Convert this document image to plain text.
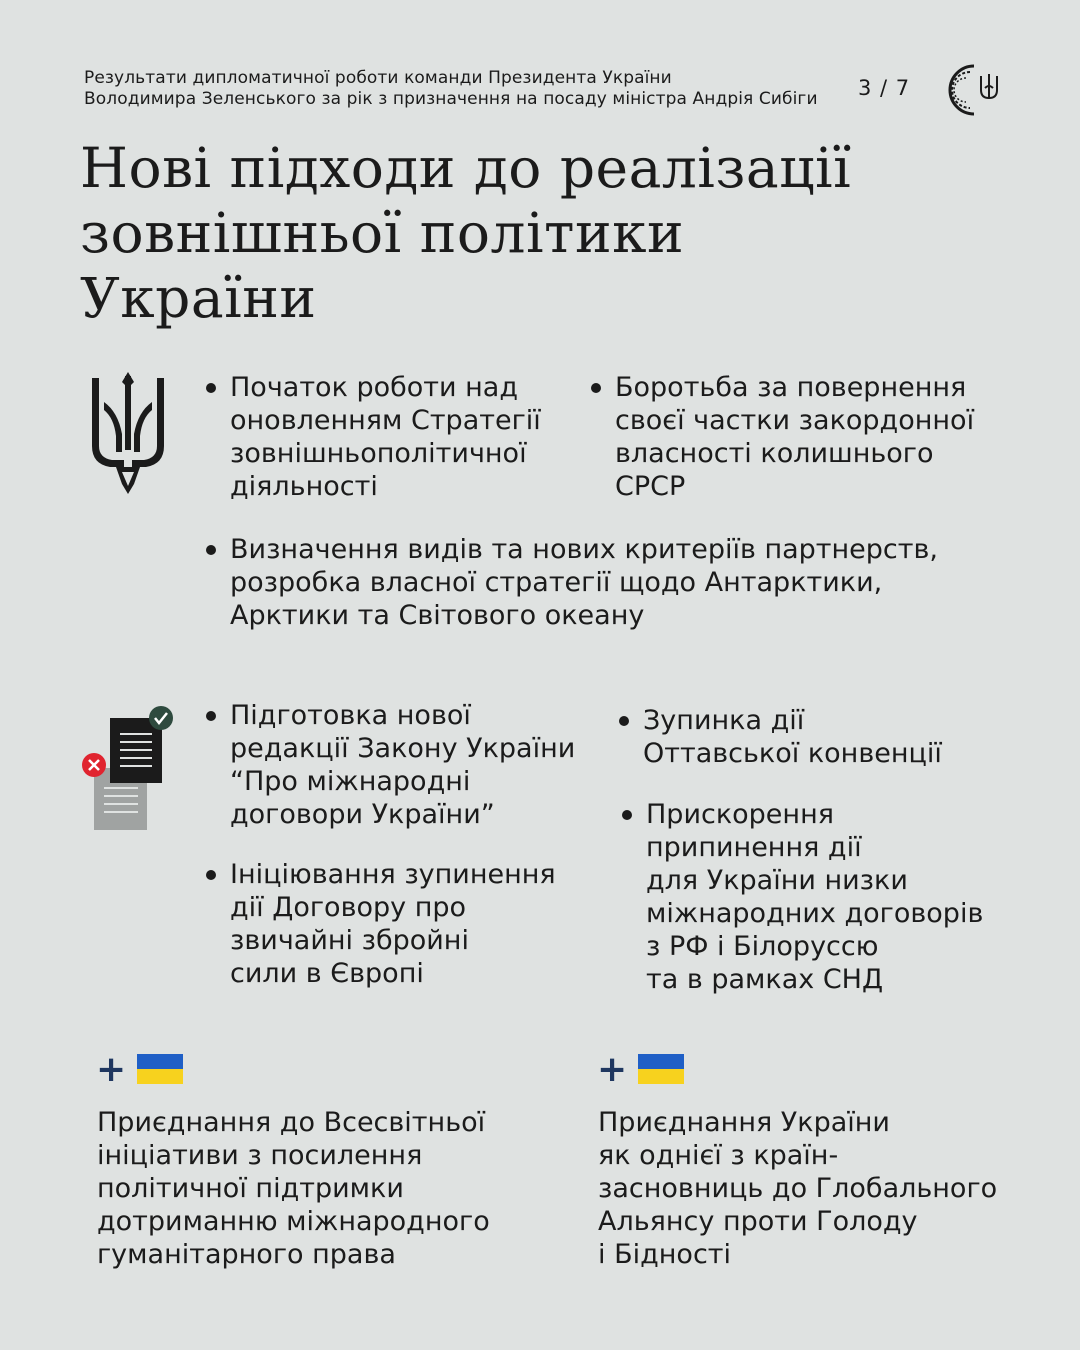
Результати дипломатичної роботи команди Президента України
Володимира Зеленського за рік з призначення на посаду міністра Андрія Сибіги	3 / 7
Нові підходи до реалізації
зовнішньої політики
України
Початок роботи над
оновленням Стратегії
зовнішньополітичної
діяльності
Боротьба за повернення
своєї частки закордонної
власності колишнього
СРСР
Визначення видів та нових критеріїв партнерств,
розробка власної стратегії щодо Антарктики,
Арктики та Світового океану
Підготовка нової
редакції Закону України
“Про міжнародні
договори України”
Ініціювання зупинення
дії Договору про
звичайні збройні
сили в Європі
Зупинка дії
Оттавської конвенції
Прискорення
припинення дії
для України низки
міжнародних договорів
з РФ і Білоруссю
та в рамках СНД
+
Приєднання до Всесвітньої
ініціативи з посилення
політичної підтримки
дотриманню міжнародного
гуманітарного права
+
Приєднання України
як однієї з країн-
засновниць до Глобального
Альянсу проти Голоду
і Бідності
